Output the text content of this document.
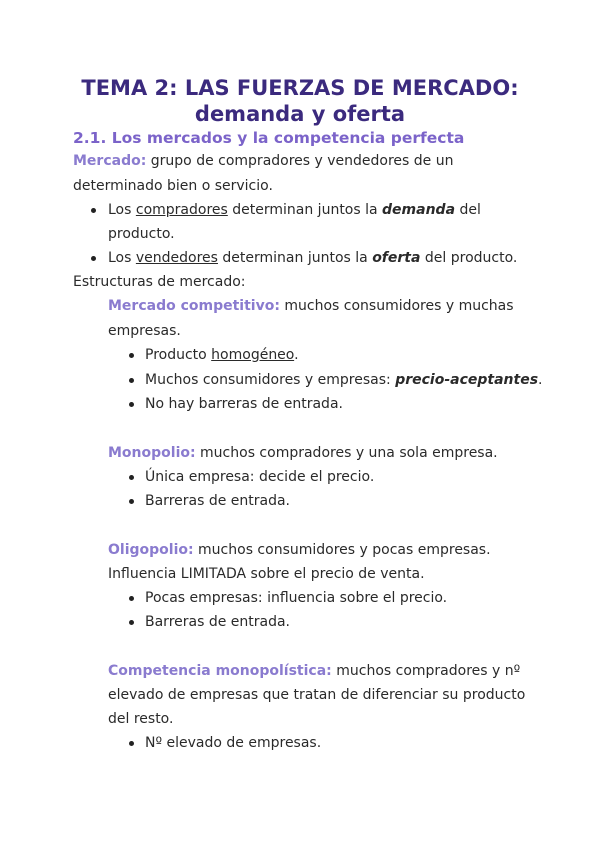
TEMA 2: LAS FUERZAS DE MERCADO:
demanda y oferta
2.1. Los mercados y la competencia perfecta
Mercado: grupo de compradores y vendedores de un
determinado bien o servicio.
Los compradores determinan juntos la demanda del
producto.
Los vendedores determinan juntos la oferta del producto.
Estructuras de mercado:
Mercado competitivo: muchos consumidores y muchas
empresas.
Producto homogéneo.
Muchos consumidores y empresas: precio-aceptantes.
No hay barreras de entrada.
Monopolio: muchos compradores y una sola empresa.
Única empresa: decide el precio.
Barreras de entrada.
Oligopolio: muchos consumidores y pocas empresas.
Influencia LIMITADA sobre el precio de venta.
Pocas empresas: influencia sobre el precio.
Barreras de entrada.
Competencia monopolística: muchos compradores y nº
elevado de empresas que tratan de diferenciar su producto
del resto.
Nº elevado de empresas.
